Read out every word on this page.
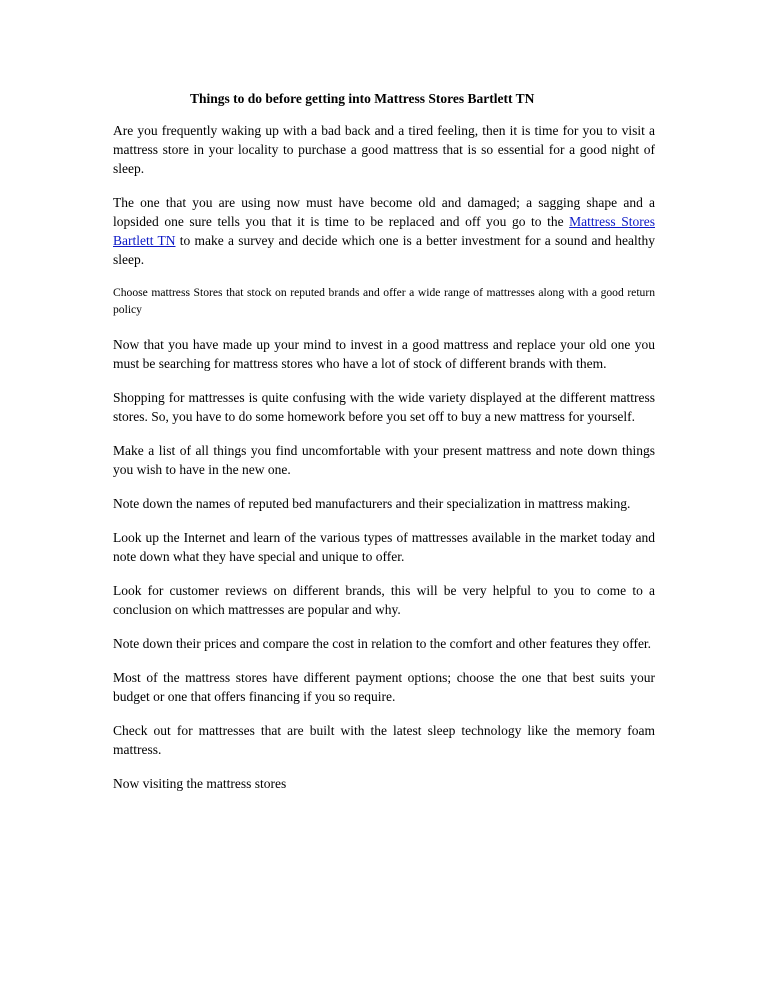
Things to do before getting into Mattress Stores Bartlett TN

Are you frequently waking up with a bad back and a tired feeling, then it is time for you to visit a mattress store in your locality to purchase a good mattress that is so essential for a good night of sleep.

The one that you are using now must have become old and damaged; a sagging shape and a lopsided one sure tells you that it is time to be replaced and off you go to the Mattress Stores Bartlett TN to make a survey and decide which one is a better investment for a sound and healthy sleep.

Choose mattress Stores that stock on reputed brands and offer a wide range of mattresses along with a good return policy

Now that you have made up your mind to invest in a good mattress and replace your old one you must be searching for mattress stores who have a lot of stock of different brands with them.

Shopping for mattresses is quite confusing with the wide variety displayed at the different mattress stores. So, you have to do some homework before you set off to buy a new mattress for yourself.

Make a list of all things you find uncomfortable with your present mattress and note down things you wish to have in the new one.

Note down the names of reputed bed manufacturers and their specialization in mattress making.

Look up the Internet and learn of the various types of mattresses available in the market today and note down what they have special and unique to offer.

Look for customer reviews on different brands, this will be very helpful to you to come to a conclusion on which mattresses are popular and why.

Note down their prices and compare the cost in relation to the comfort and other features they offer.

Most of the mattress stores have different payment options; choose the one that best suits your budget or one that offers financing if you so require.

Check out for mattresses that are built with the latest sleep technology like the memory foam mattress.

Now visiting the mattress stores
